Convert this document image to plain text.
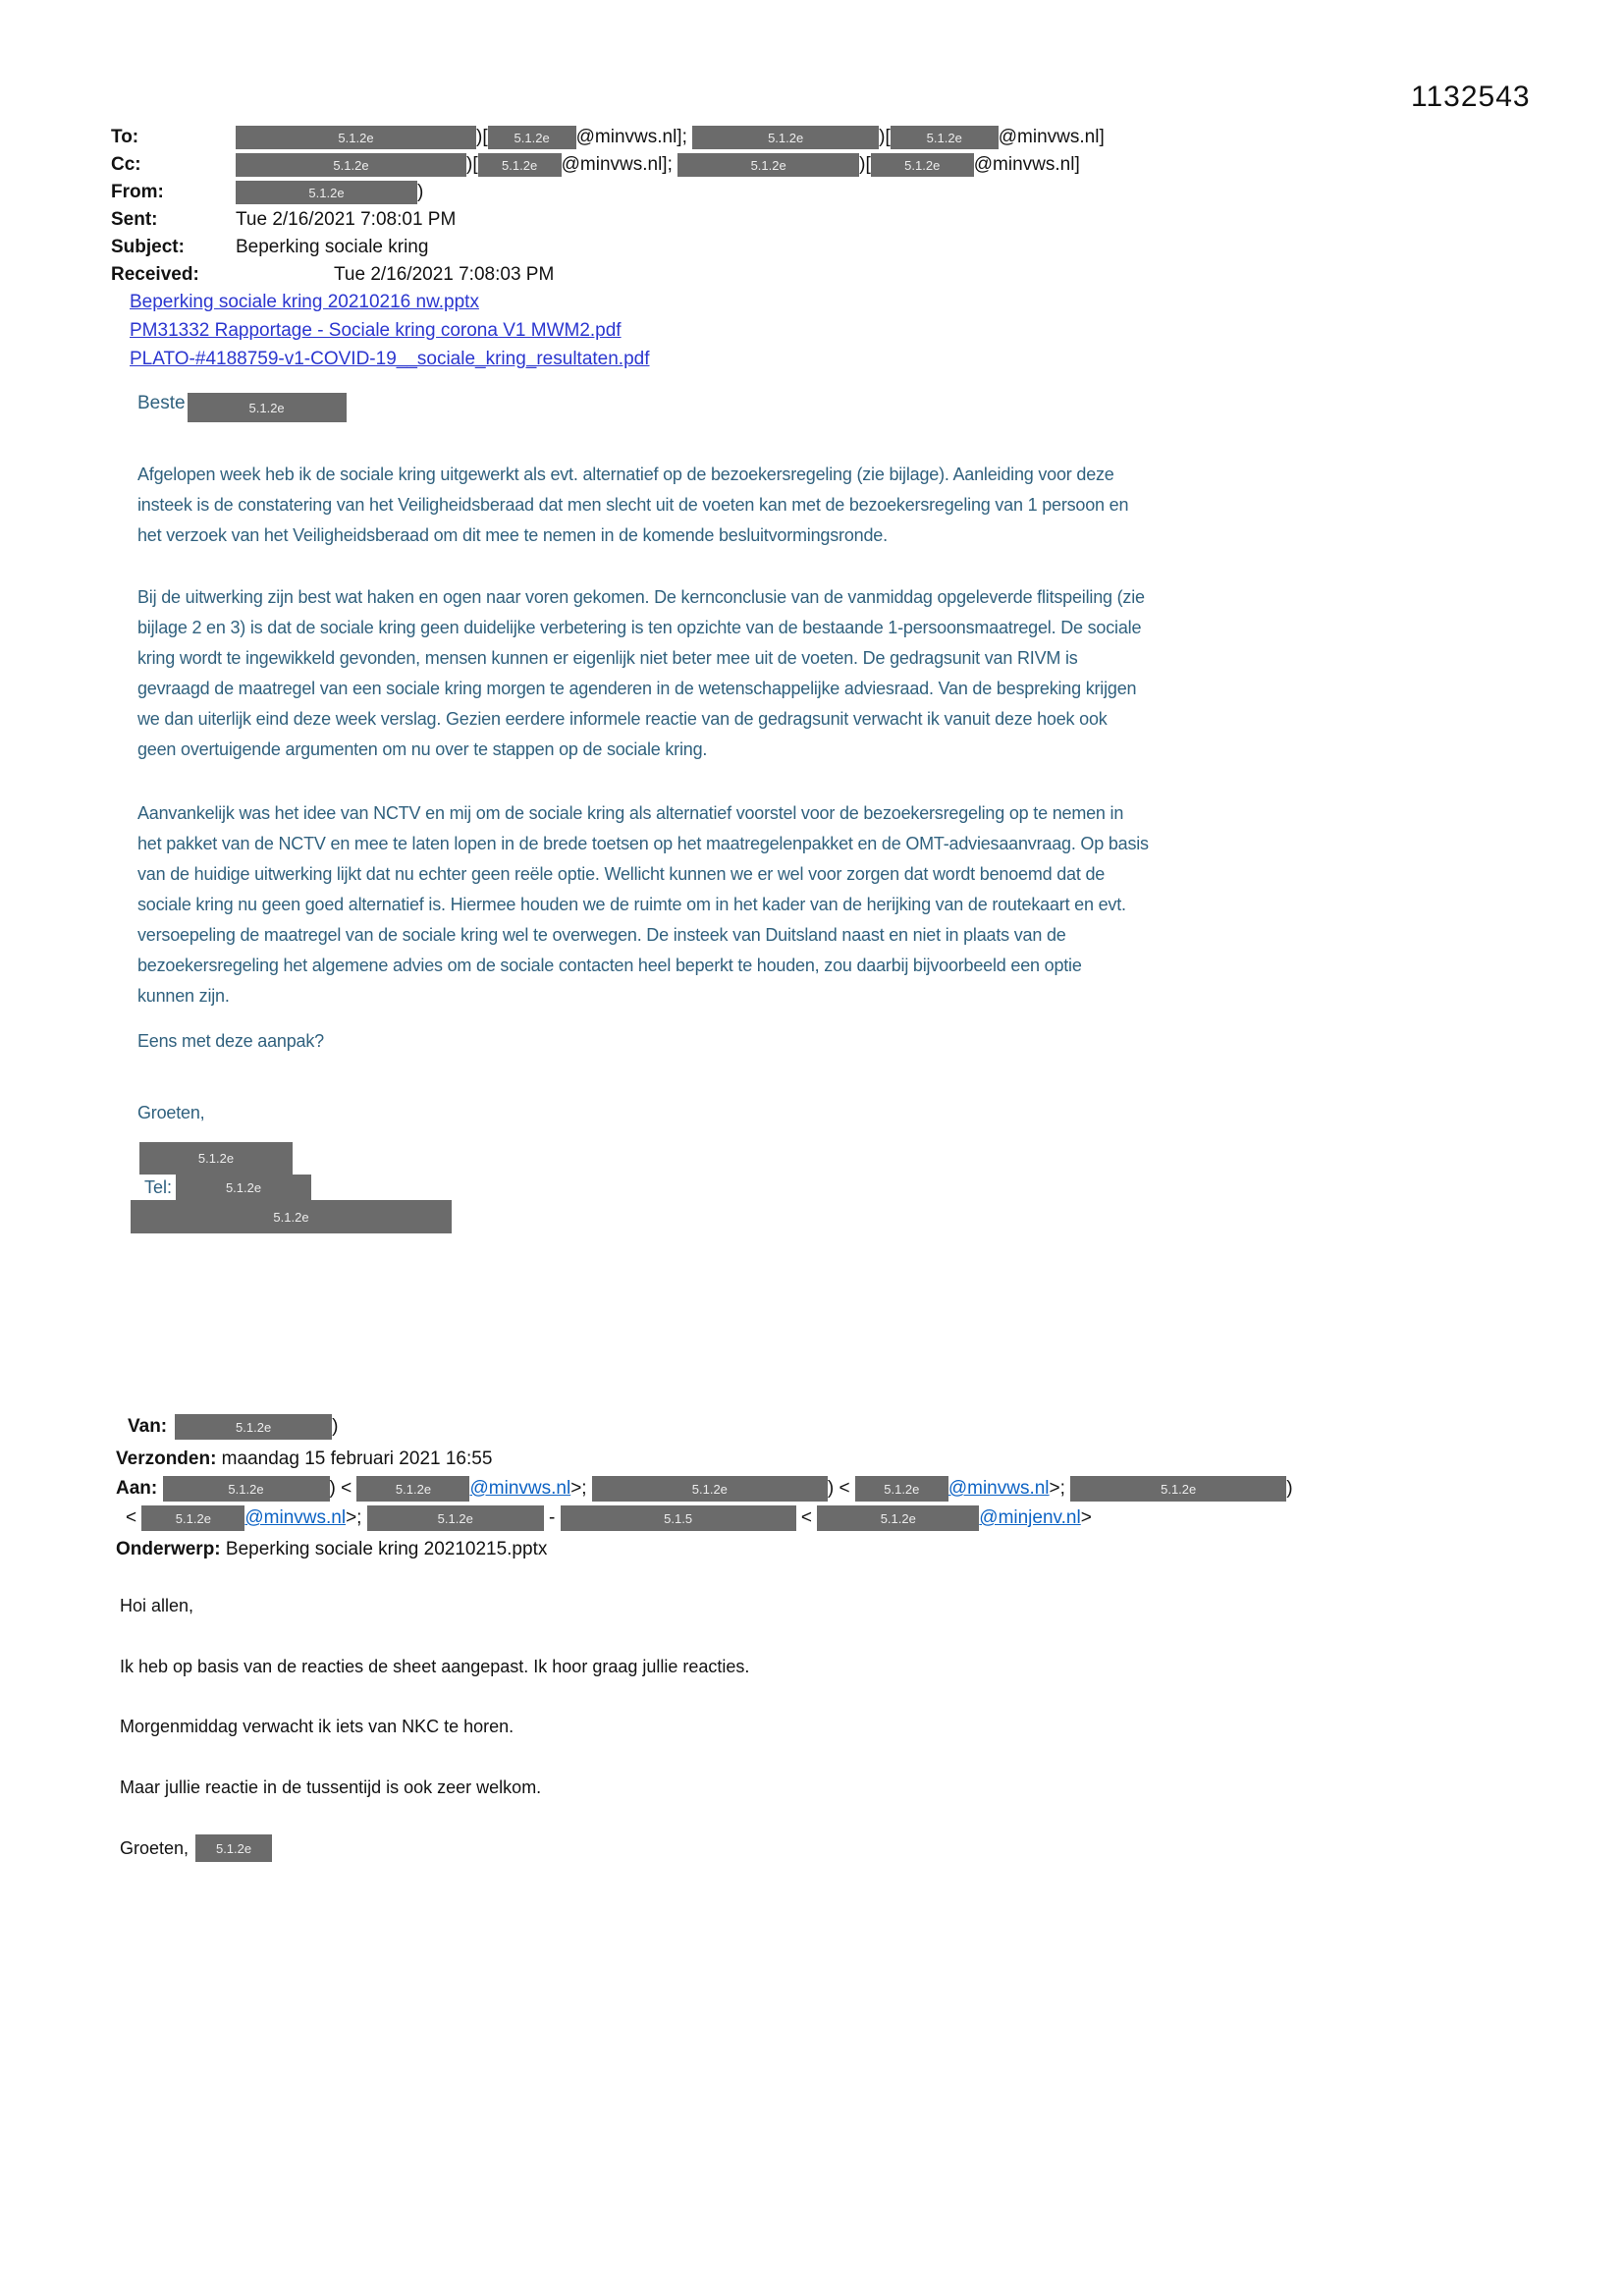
1132543
To:	5.1.2e	)[	5.1.2e	@minvws.nl];	5.1.2e	)[	5.1.2e	@minvws.nl]
Cc:	5.1.2e	)[	5.1.2e	@minvws.nl];	5.1.2e	)[	5.1.2e	@minvws.nl]
From:	5.1.2e	)
Sent:	Tue 2/16/2021 7:08:01 PM
Subject:	Beperking sociale kring
Received:	Tue 2/16/2021 7:08:03 PM
Beperking sociale kring 20210216 nw.pptx
PM31332 Rapportage - Sociale kring corona V1 MWM2.pdf
PLATO-#4188759-v1-COVID-19__sociale_kring_resultaten.pdf
Beste	5.1.2e
Afgelopen week heb ik de sociale kring uitgewerkt als evt. alternatief op de bezoekersregeling (zie bijlage). Aanleiding voor deze
insteek is de constatering van het Veiligheidsberaad dat men slecht uit de voeten kan met de bezoekersregeling van 1 persoon en
het verzoek van het Veiligheidsberaad om dit mee te nemen in de komende besluitvormingsronde.
Bij de uitwerking zijn best wat haken en ogen naar voren gekomen. De kernconclusie van de vanmiddag opgeleverde flitspeiling (zie
bijlage 2 en 3) is dat de sociale kring geen duidelijke verbetering is ten opzichte van de bestaande 1-persoonsmaatregel. De sociale
kring wordt te ingewikkeld gevonden, mensen kunnen er eigenlijk niet beter mee uit de voeten. De gedragsunit van RIVM is
gevraagd de maatregel van een sociale kring morgen te agenderen in de wetenschappelijke adviesraad. Van de bespreking krijgen
we dan uiterlijk eind deze week verslag. Gezien eerdere informele reactie van de gedragsunit verwacht ik vanuit deze hoek ook
geen overtuigende argumenten om nu over te stappen op de sociale kring.
Aanvankelijk was het idee van NCTV en mij om de sociale kring als alternatief voorstel voor de bezoekersregeling op te nemen in
het pakket van de NCTV en mee te laten lopen in de brede toetsen op het maatregelenpakket en de OMT-adviesaanvraag. Op basis
van de huidige uitwerking lijkt dat nu echter geen reële optie. Wellicht kunnen we er wel voor zorgen dat wordt benoemd dat de
sociale kring nu geen goed alternatief is. Hiermee houden we de ruimte om in het kader van de herijking van de routekaart en evt.
versoepeling de maatregel van de sociale kring wel te overwegen. De insteek van Duitsland naast en niet in plaats van de
bezoekersregeling het algemene advies om de sociale contacten heel beperkt te houden, zou daarbij bijvoorbeeld een optie
kunnen zijn.
Eens met deze aanpak?
Groeten,
5.1.2e
Tel:	5.1.2e
5.1.2e
Van:	5.1.2e	)
Verzonden: maandag 15 februari 2021 16:55
Aan:	5.1.2e	) <	5.1.2e	@minvws.nl >;	5.1.2e	) <	5.1.2e	@minvws.nl >;	5.1.2e	)
<	5.1.2e	@minvws.nl >;	5.1.2e	-	5.1.5	<	5.1.2e	@minjenv.nl >
Onderwerp: Beperking sociale kring 20210215.pptx
Hoi allen,
Ik heb op basis van de reacties de sheet aangepast. Ik hoor graag jullie reacties.
Morgenmiddag verwacht ik iets van NKC te horen.
Maar jullie reactie in de tussentijd is ook zeer welkom.
Groeten,	5.1.2e
